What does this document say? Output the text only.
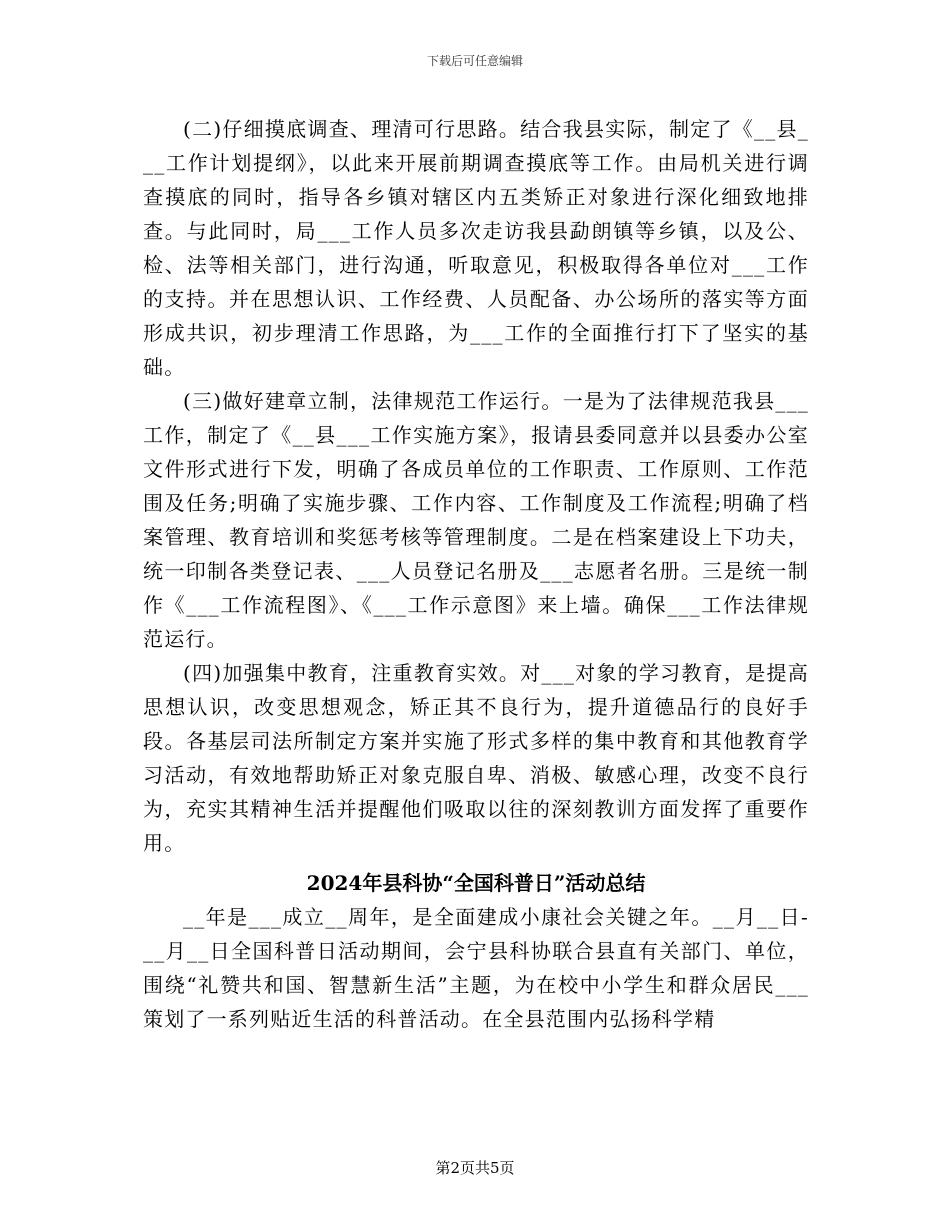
下载后可任意编辑

(二)仔细摸底调查、理清可行思路。结合我县实际，制定了《__县___工作计划提纲》，以此来开展前期调查摸底等工作。由局机关进行调查摸底的同时，指导各乡镇对辖区内五类矫正对象进行深化细致地排查。与此同时，局___工作人员多次走访我县勐朗镇等乡镇，以及公、检、法等相关部门，进行沟通，听取意见，积极取得各单位对___工作的支持。并在思想认识、工作经费、人员配备、办公场所的落实等方面形成共识，初步理清工作思路，为___工作的全面推行打下了坚实的基础。

(三)做好建章立制，法律规范工作运行。一是为了法律规范我县___工作，制定了《__县___工作实施方案》，报请县委同意并以县委办公室文件形式进行下发，明确了各成员单位的工作职责、工作原则、工作范围及任务;明确了实施步骤、工作内容、工作制度及工作流程;明确了档案管理、教育培训和奖惩考核等管理制度。二是在档案建设上下功夫，统一印制各类登记表、___人员登记名册及___志愿者名册。三是统一制作《___工作流程图》、《___工作示意图》来上墙。确保___工作法律规范运行。

(四)加强集中教育，注重教育实效。对___对象的学习教育，是提高思想认识，改变思想观念，矫正其不良行为，提升道德品行的良好手段。各基层司法所制定方案并实施了形式多样的集中教育和其他教育学习活动，有效地帮助矫正对象克服自卑、消极、敏感心理，改变不良行为，充实其精神生活并提醒他们吸取以往的深刻教训方面发挥了重要作用。

2024年县科协“全国科普日”活动总结

__年是___成立__周年，是全面建成小康社会关键之年。__月__日-__月__日全国科普日活动期间，会宁县科协联合县直有关部门、单位，围绕“礼赞共和国、智慧新生活”主题，为在校中小学生和群众居民___策划了一系列贴近生活的科普活动。在全县范围内弘扬科学精

第2页共5页
